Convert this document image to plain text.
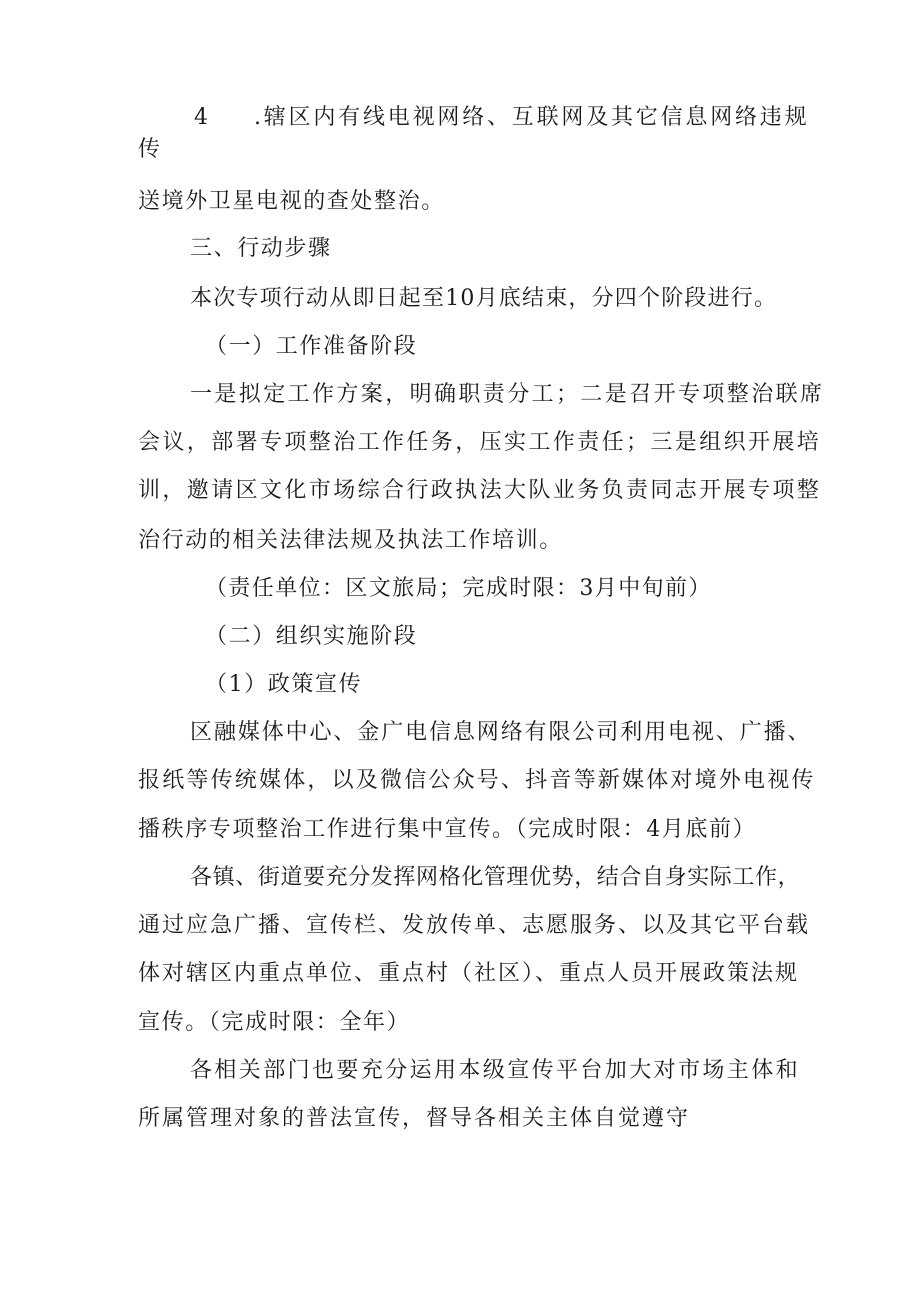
4 .辖区内有线电视网络、互联网及其它信息网络违规
传
送境外卫星电视的查处整治。
三、行动步骤
本次专项行动从即日起至10月底结束，分四个阶段进行。
（一）工作准备阶段
一是拟定工作方案，明确职责分工；二是召开专项整治联席
会议，部署专项整治工作任务，压实工作责任；三是组织开展培
训，邀请区文化市场综合行政执法大队业务负责同志开展专项整
治行动的相关法律法规及执法工作培训。
（责任单位：区文旅局；完成时限：3月中旬前）
（二）组织实施阶段
（1）政策宣传
区融媒体中心、金广电信息网络有限公司利用电视、广播、
报纸等传统媒体，以及微信公众号、抖音等新媒体对境外电视传
播秩序专项整治工作进行集中宣传。（完成时限：4月底前）
各镇、街道要充分发挥网格化管理优势，结合自身实际工作，
通过应急广播、宣传栏、发放传单、志愿服务、以及其它平台载
体对辖区内重点单位、重点村（社区）、重点人员开展政策法规
宣传。（完成时限：全年）
各相关部门也要充分运用本级宣传平台加大对市场主体和
所属管理对象的普法宣传，督导各相关主体自觉遵守
